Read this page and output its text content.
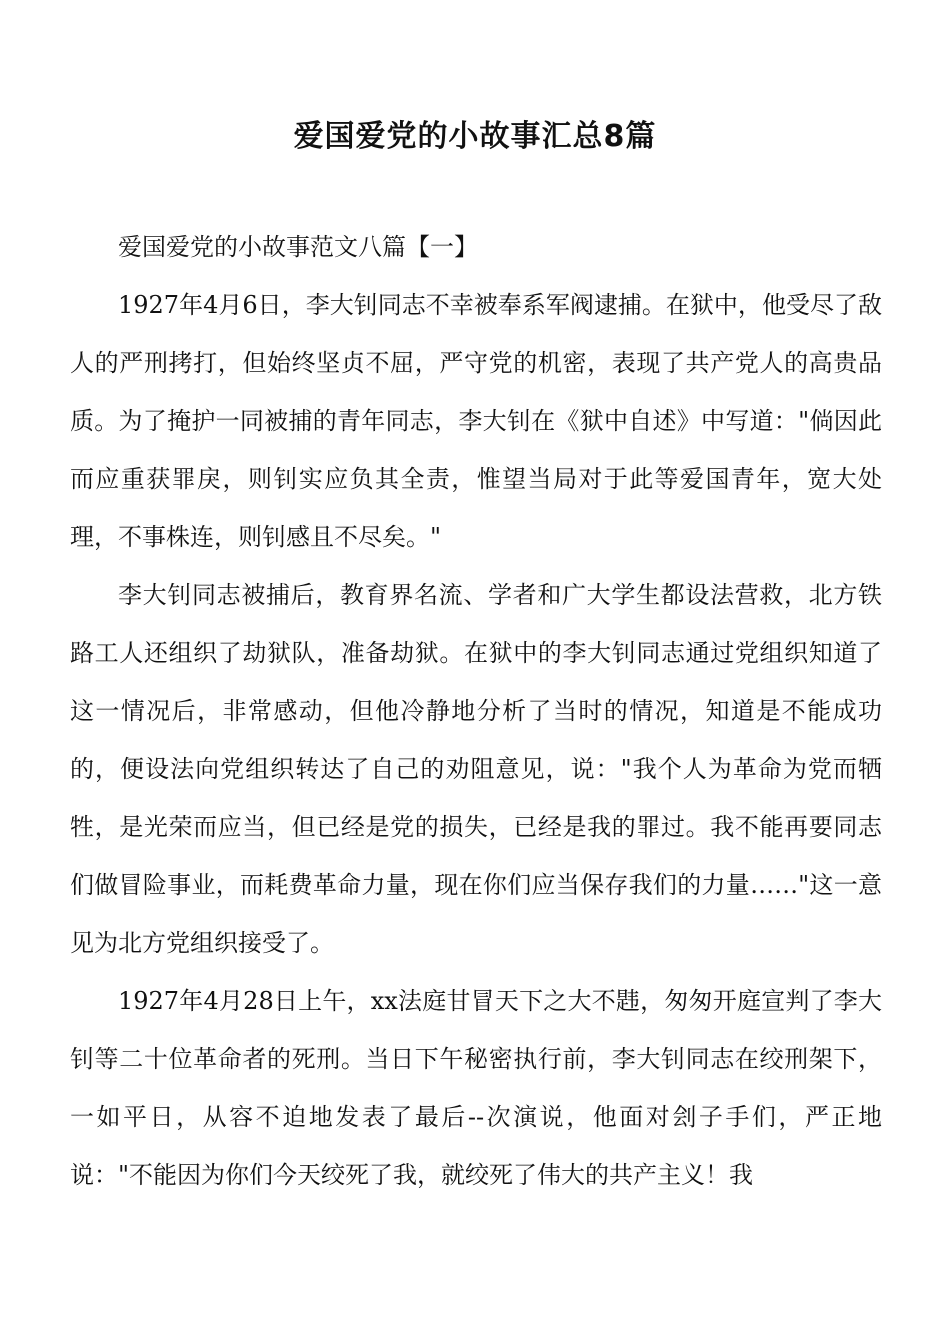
爱国爱党的小故事汇总8篇

爱国爱党的小故事范文八篇【一】

1927年4月6日，李大钊同志不幸被奉系军阀逮捕。在狱中，他受尽了敌人的严刑拷打，但始终坚贞不屈，严守党的机密，表现了共产党人的高贵品质。为了掩护一同被捕的青年同志，李大钊在《狱中自述》中写道："倘因此而应重获罪戾，则钊实应负其全责，惟望当局对于此等爱国青年，宽大处理，不事株连，则钊感且不尽矣。"

李大钊同志被捕后，教育界名流、学者和广大学生都设法营救，北方铁路工人还组织了劫狱队，准备劫狱。在狱中的李大钊同志通过党组织知道了这一情况后，非常感动，但他冷静地分析了当时的情况，知道是不能成功的，便设法向党组织转达了自己的劝阻意见，说："我个人为革命为党而牺牲，是光荣而应当，但已经是党的损失，已经是我的罪过。我不能再要同志们做冒险事业，而耗费革命力量，现在你们应当保存我们的力量……"这一意见为北方党组织接受了。

1927年4月28日上午，xx法庭甘冒天下之大不韪，匆匆开庭宣判了李大钊等二十位革命者的死刑。当日下午秘密执行前，李大钊同志在绞刑架下，一如平日，从容不迫地发表了最后--次演说，他面对刽子手们，严正地说："不能因为你们今天绞死了我，就绞死了伟大的共产主义！我
